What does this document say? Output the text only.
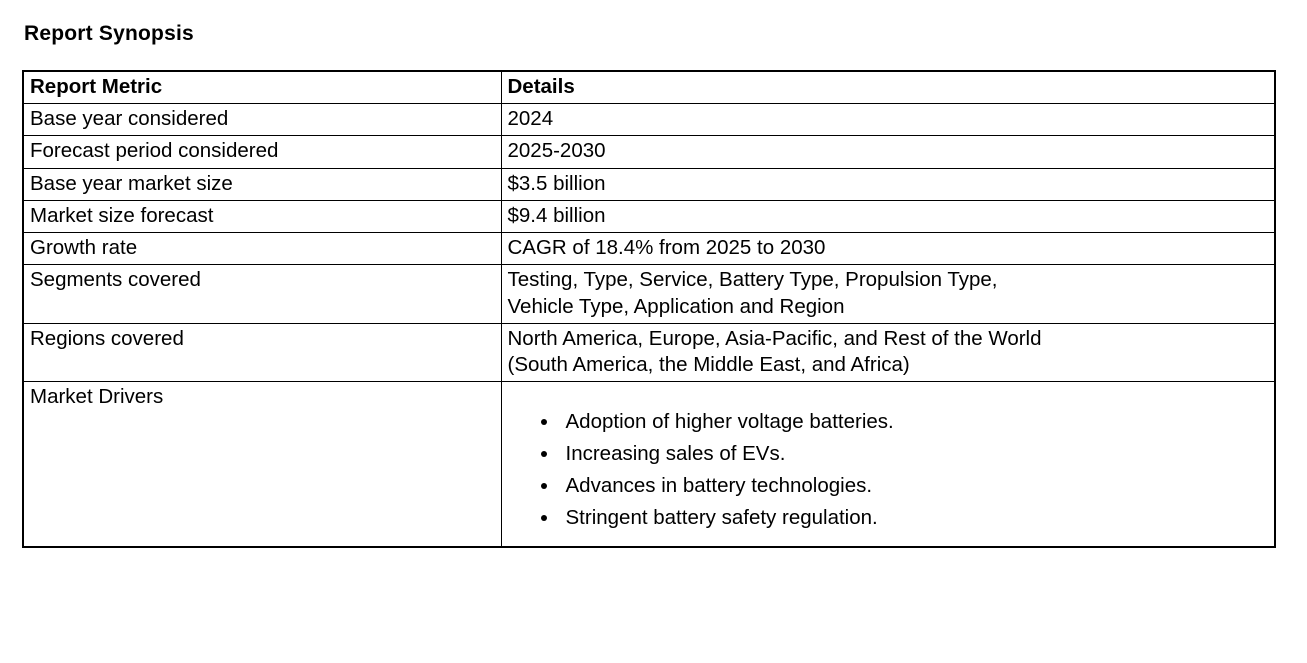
Report Synopsis
Report Metric	Details
Base year considered	2024
Forecast period considered	2025-2030
Base year market size	$3.5 billion
Market size forecast	$9.4 billion
Growth rate	CAGR of 18.4% from 2025 to 2030
Segments covered	Testing, Type, Service, Battery Type, Propulsion Type,
Vehicle Type, Application and Region

Regions covered	North America, Europe, Asia-Pacific, and Rest of the World
(South America, the Middle East, and Africa)

Market Drivers	
• Adoption of higher voltage batteries.
• Increasing sales of EVs.
• Advances in battery technologies.
• Stringent battery safety regulation.
